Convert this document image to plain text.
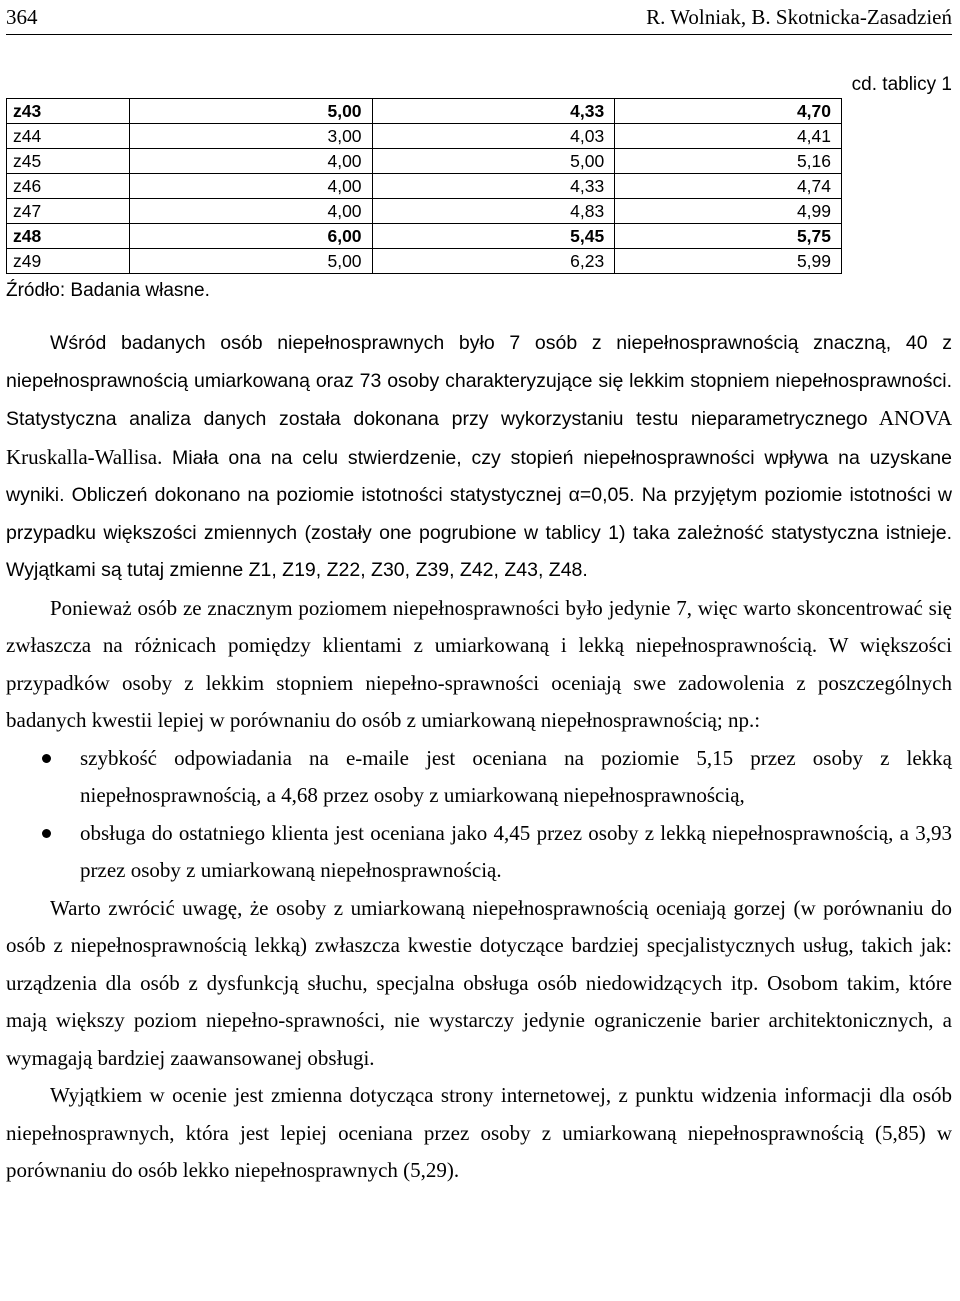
364	R. Wolniak, B. Skotnicka-Zasadzień
cd. tablicy 1
z43	5,00	4,33	4,70
z44	3,00	4,03	4,41
z45	4,00	5,00	5,16
z46	4,00	4,33	4,74
z47	4,00	4,83	4,99
z48	6,00	5,45	5,75
z49	5,00	6,23	5,99
Źródło: Badania własne.

Wśród badanych osób niepełnosprawnych było 7 osób z niepełnosprawnością znaczną, 40 z niepełnosprawnością umiarkowaną oraz 73 osoby charakteryzujące się lekkim stopniem niepełnosprawności. Statystyczna analiza danych została dokonana przy wykorzystaniu testu nieparametrycznego ANOVA Kruskalla-Wallisa. Miała ona na celu stwierdzenie, czy stopień niepełnosprawności wpływa na uzyskane wyniki. Obliczeń dokonano na poziomie istotności statystycznej α=0,05. Na przyjętym poziomie istotności w przypadku większości zmiennych (zostały one pogrubione w tablicy 1) taka zależność statystyczna istnieje. Wyjątkami są tutaj zmienne Z1, Z19, Z22, Z30, Z39, Z42, Z43, Z48.

Ponieważ osób ze znacznym poziomem niepełnosprawności było jedynie 7, więc warto skoncentrować się zwłaszcza na różnicach pomiędzy klientami z umiarkowaną i lekką niepełnosprawnością. W większości przypadków osoby z lekkim stopniem niepełno-sprawności oceniają swe zadowolenia z poszczególnych badanych kwestii lepiej w porównaniu do osób z umiarkowaną niepełnosprawnością; np.:

szybkość odpowiadania na e-maile jest oceniana na poziomie 5,15 przez osoby z lekką niepełnosprawnością, a 4,68 przez osoby z umiarkowaną niepełnosprawnością,
obsługa do ostatniego klienta jest oceniana jako 4,45 przez osoby z lekką niepełnosprawnością, a 3,93 przez osoby z umiarkowaną niepełnosprawnością.

Warto zwrócić uwagę, że osoby z umiarkowaną niepełnosprawnością oceniają gorzej (w porównaniu do osób z niepełnosprawnością lekką) zwłaszcza kwestie dotyczące bardziej specjalistycznych usług, takich jak: urządzenia dla osób z dysfunkcją słuchu, specjalna obsługa osób niedowidzących itp. Osobom takim, które mają większy poziom niepełno-sprawności, nie wystarczy jedynie ograniczenie barier architektonicznych, a wymagają bardziej zaawansowanej obsługi.

Wyjątkiem w ocenie jest zmienna dotycząca strony internetowej, z punktu widzenia informacji dla osób niepełnosprawnych, która jest lepiej oceniana przez osoby z umiarkowaną niepełnosprawnością (5,85) w porównaniu do osób lekko niepełnosprawnych (5,29).
